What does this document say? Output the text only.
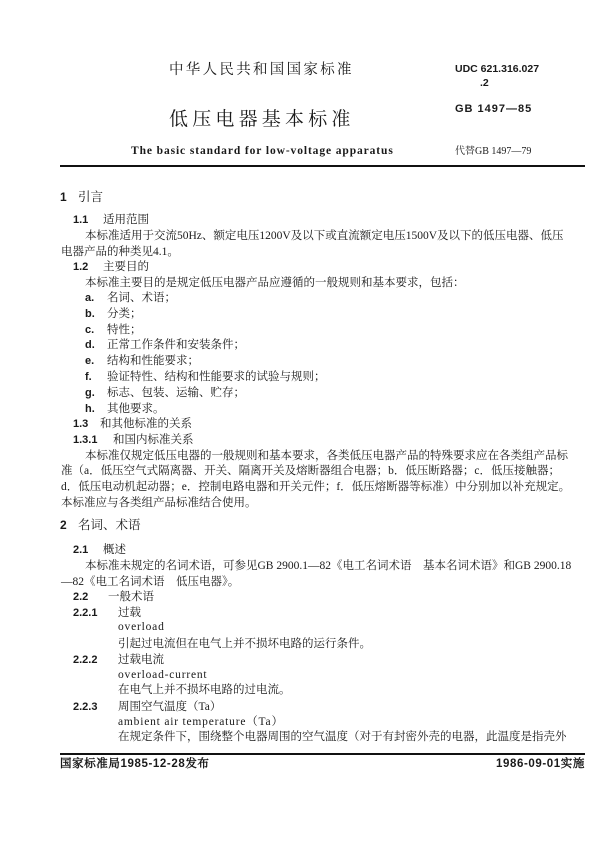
中华人民共和国国家标准
低压电器基本标准
The basic standard for low-voltage apparatus
UDC 621.316.027
.2
GB 1497—85
代替GB 1497—79
1 引言
1.1 适用范围
本标准适用于交流50Hz、额定电压1200V及以下或直流额定电压1500V及以下的低压电器、低压
电器产品的种类见4.1。
1.2 主要目的
本标准主要目的是规定低压电器产品应遵循的一般规则和基本要求，包括：
a. 名词、术语；
b. 分类；
c. 特性；
d. 正常工作条件和安装条件；
e. 结构和性能要求；
f. 验证特性、结构和性能要求的试验与规则；
g. 标志、包装、运输、贮存；
h. 其他要求。
1.3 和其他标准的关系
1.3.1 和国内标准关系
本标准仅规定低压电器的一般规则和基本要求，各类低压电器产品的特殊要求应在各类组产品标
准（a．低压空气式隔离器、开关、隔离开关及熔断器组合电器；b．低压断路器；c．低压接触器；
d．低压电动机起动器；e．控制电路电器和开关元件；f．低压熔断器等标准）中分别加以补充规定。
本标准应与各类组产品标准结合使用。
2 名词、术语
2.1 概述
本标准未规定的名词术语，可参见GB 2900.1—82《电工名词术语　基本名词术语》和GB 2900.18
—82《电工名词术语　低压电器》。
2.2 一般术语
2.2.1 过载
overload
引起过电流但在电气上并不损坏电路的运行条件。
2.2.2 过载电流
overload-current
在电气上并不损坏电路的过电流。
2.2.3 周围空气温度（Ta）
ambient air temperature（Ta）
在规定条件下，围绕整个电器周围的空气温度（对于有封密外壳的电器，此温度是指壳外
国家标准局1985-12-28发布	1986-09-01实施
